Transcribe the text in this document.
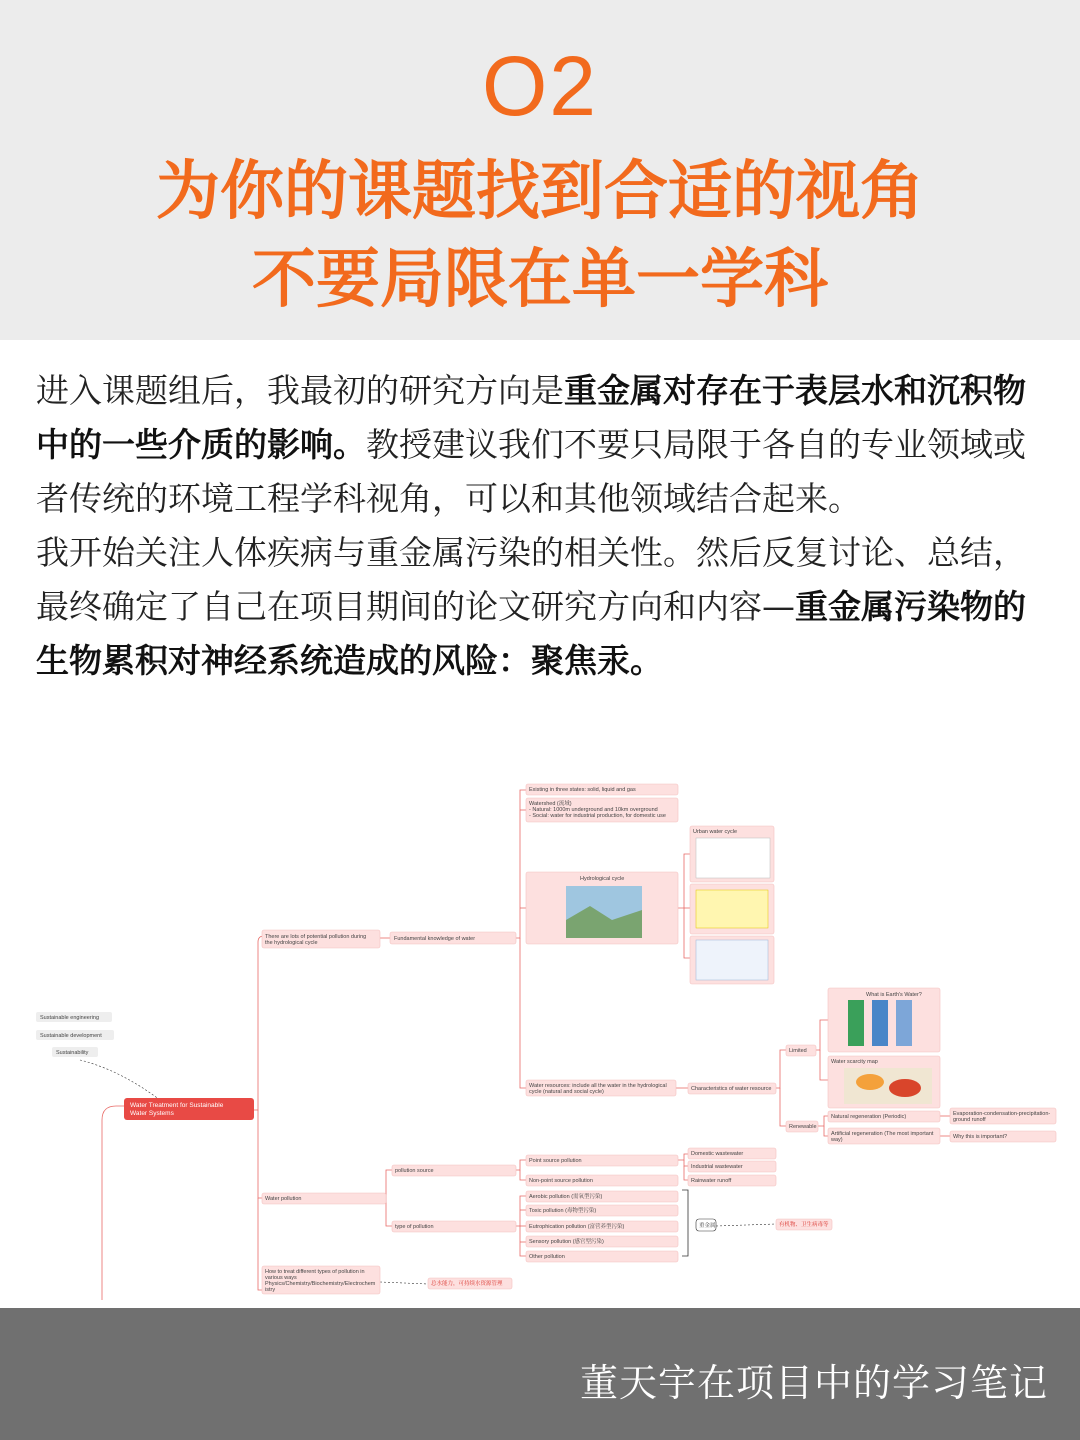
O2
为你的课题找到合适的视角
不要局限在单一学科

进入课题组后，我最初的研究方向是重金属对存在于表层水和沉积物中的一些介质的影响。教授建议我们不要只局限于各自的专业领域或者传统的环境工程学科视角，可以和其他领域结合起来。

我开始关注人体疾病与重金属污染的相关性。然后反复讨论、总结，最终确定了自己在项目期间的论文研究方向和内容—重金属污染物的生物累积对神经系统造成的风险：聚焦汞。

Sustainable engineering
Sustainable development
Sustainability
Water Treatment for Sustainable
Water Systems
There are lots of potential pollution during
the hydrological cycle
Fundamental knowledge of water
Existing in three states: solid, liquid and gas
Watershed (流域)
- Natural: 1000m underground and 10km overground
- Social: water for industrial production, for domestic use
Hydrological cycle
Urban water cycle
Water resources: include all the water in the hydrological
cycle (natural and social cycle)	Characteristics of water resource
Limited
What is Earth's Water?
Water scarcity map
Renewable
Natural regeneration (Periodic)
Artificial regeneration (The most important
way)
Evaporation-condensation-precipitation-
ground runoff
Why this is important?
Water pollution
pollution source
Point source pollution
Non-point source pollution
Domestic wastewater
Industrial wastewater
Rainwater runoff
type of pollution
Aerobic pollution (需氧型污染)
Toxic pollution (毒物型污染)
Eutrophication pollution (富营养型污染)
Sensory pollution (感官型污染)
Other pollution
重金属	有机物、卫生病毒等
How to treat different types of pollution in
various ways
Physics/Chemistry/Biochemistry/Electrochem
istry
总水能力，可持续水资源管理
董天宇在项目中的学习笔记
